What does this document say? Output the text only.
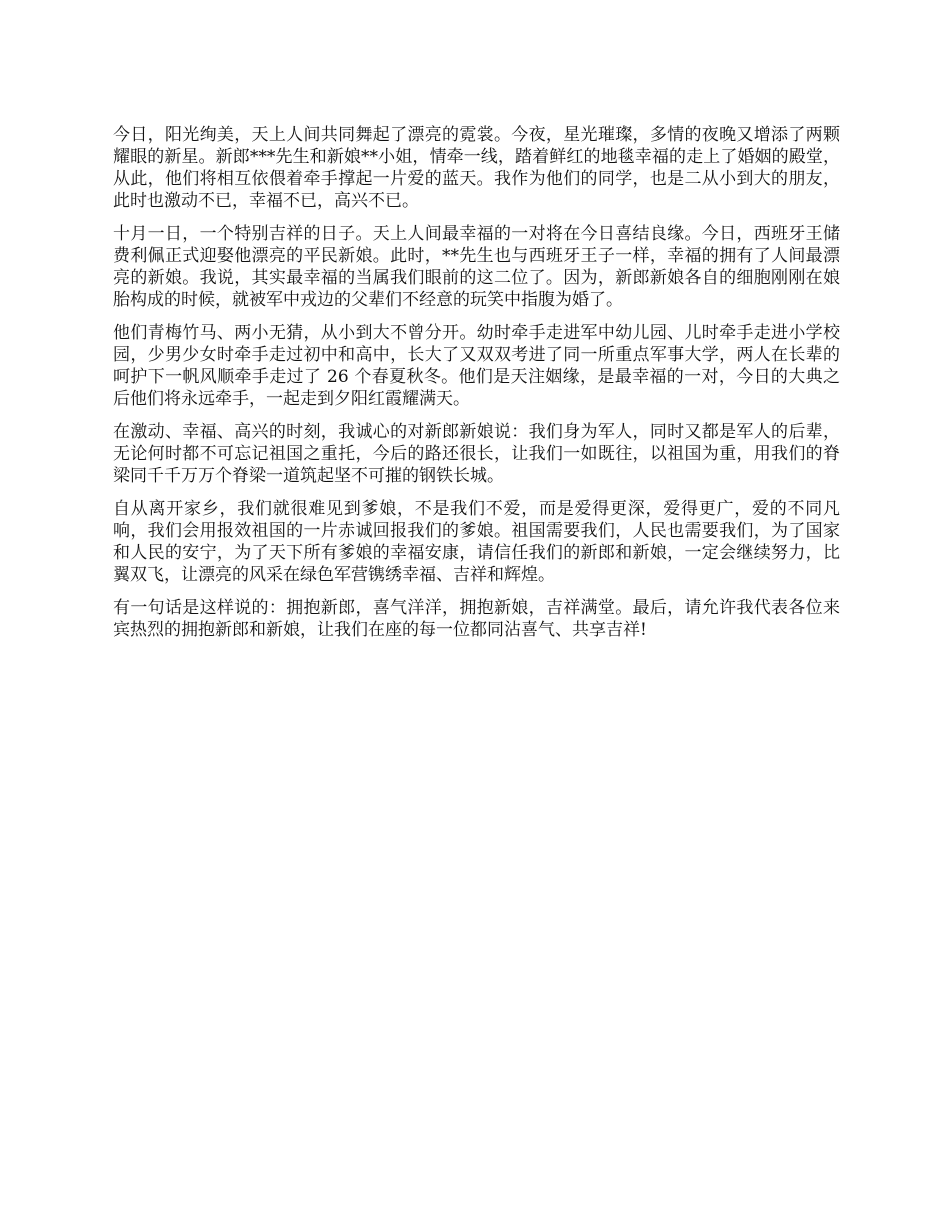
今日，阳光绚美，天上人间共同舞起了漂亮的霓裳。今夜，星光璀璨，多情的夜晚又增添了两颗耀眼的新星。新郎***先生和新娘**小姐，情牵一线，踏着鲜红的地毯幸福的走上了婚姻的殿堂，从此，他们将相互依偎着牵手撑起一片爱的蓝天。我作为他们的同学，也是二从小到大的朋友，此时也激动不已，幸福不已，高兴不已。

十月一日，一个特别吉祥的日子。天上人间最幸福的一对将在今日喜结良缘。今日，西班牙王储费利佩正式迎娶他漂亮的平民新娘。此时，**先生也与西班牙王子一样，幸福的拥有了人间最漂亮的新娘。我说，其实最幸福的当属我们眼前的这二位了。因为，新郎新娘各自的细胞刚刚在娘胎构成的时候，就被军中戎边的父辈们不经意的玩笑中指腹为婚了。

他们青梅竹马、两小无猜，从小到大不曾分开。幼时牵手走进军中幼儿园、儿时牵手走进小学校园，少男少女时牵手走过初中和高中，长大了又双双考进了同一所重点军事大学，两人在长辈的呵护下一帆风顺牵手走过了 26 个春夏秋冬。他们是天注姻缘，是最幸福的一对，今日的大典之后他们将永远牵手，一起走到夕阳红霞耀满天。

在激动、幸福、高兴的时刻，我诚心的对新郎新娘说：我们身为军人，同时又都是军人的后辈，无论何时都不可忘记祖国之重托，今后的路还很长，让我们一如既往，以祖国为重，用我们的脊梁同千千万万个脊梁一道筑起坚不可摧的钢铁长城。

自从离开家乡，我们就很难见到爹娘，不是我们不爱，而是爱得更深，爱得更广，爱的不同凡响，我们会用报效祖国的一片赤诚回报我们的爹娘。祖国需要我们，人民也需要我们，为了国家和人民的安宁，为了天下所有爹娘的幸福安康，请信任我们的新郎和新娘，一定会继续努力，比翼双飞，让漂亮的风采在绿色军营镌绣幸福、吉祥和辉煌。

有一句话是这样说的：拥抱新郎，喜气洋洋，拥抱新娘，吉祥满堂。最后，请允许我代表各位来宾热烈的拥抱新郎和新娘，让我们在座的每一位都同沾喜气、共享吉祥!
